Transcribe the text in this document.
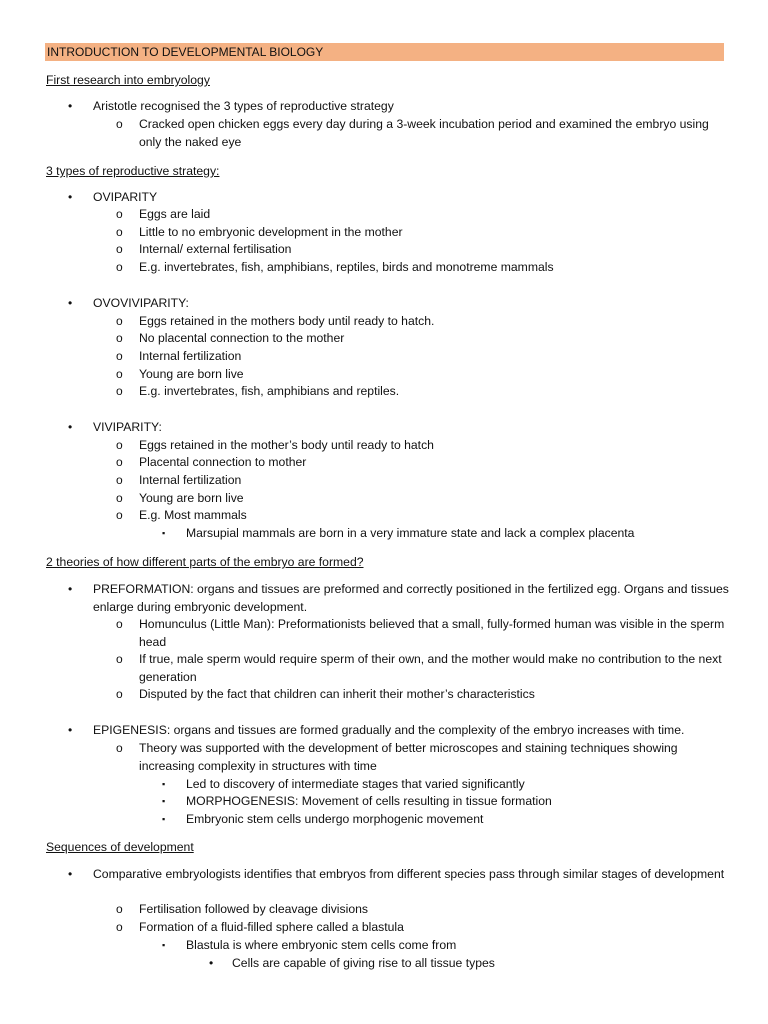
INTRODUCTION TO DEVELOPMENTAL BIOLOGY
First research into embryology
• Aristotle recognised the 3 types of reproductive strategy
o Cracked open chicken eggs every day during a 3-week incubation period and examined the embryo using only the naked eye
3 types of reproductive strategy:
• OVIPARITY
o Eggs are laid
o Little to no embryonic development in the mother
o Internal/ external fertilisation
o E.g. invertebrates, fish, amphibians, reptiles, birds and monotreme mammals
• OVOVIVIPARITY:
o Eggs retained in the mothers body until ready to hatch.
o No placental connection to the mother
o Internal fertilization
o Young are born live
o E.g. invertebrates, fish, amphibians and reptiles.
• VIVIPARITY:
o Eggs retained in the mother’s body until ready to hatch
o Placental connection to mother
o Internal fertilization
o Young are born live
o E.g. Most mammals
▪ Marsupial mammals are born in a very immature state and lack a complex placenta
2 theories of how different parts of the embryo are formed?
• PREFORMATION: organs and tissues are preformed and correctly positioned in the fertilized egg. Organs and tissues enlarge during embryonic development.
o Homunculus (Little Man): Preformationists believed that a small, fully-formed human was visible in the sperm head
o If true, male sperm would require sperm of their own, and the mother would make no contribution to the next generation
o Disputed by the fact that children can inherit their mother’s characteristics
• EPIGENESIS: organs and tissues are formed gradually and the complexity of the embryo increases with time.
o Theory was supported with the development of better microscopes and staining techniques showing increasing complexity in structures with time
▪ Led to discovery of intermediate stages that varied significantly
▪ MORPHOGENESIS: Movement of cells resulting in tissue formation
▪ Embryonic stem cells undergo morphogenic movement
Sequences of development
• Comparative embryologists identifies that embryos from different species pass through similar stages of development
o Fertilisation followed by cleavage divisions
o Formation of a fluid-filled sphere called a blastula
▪ Blastula is where embryonic stem cells come from
• Cells are capable of giving rise to all tissue types
